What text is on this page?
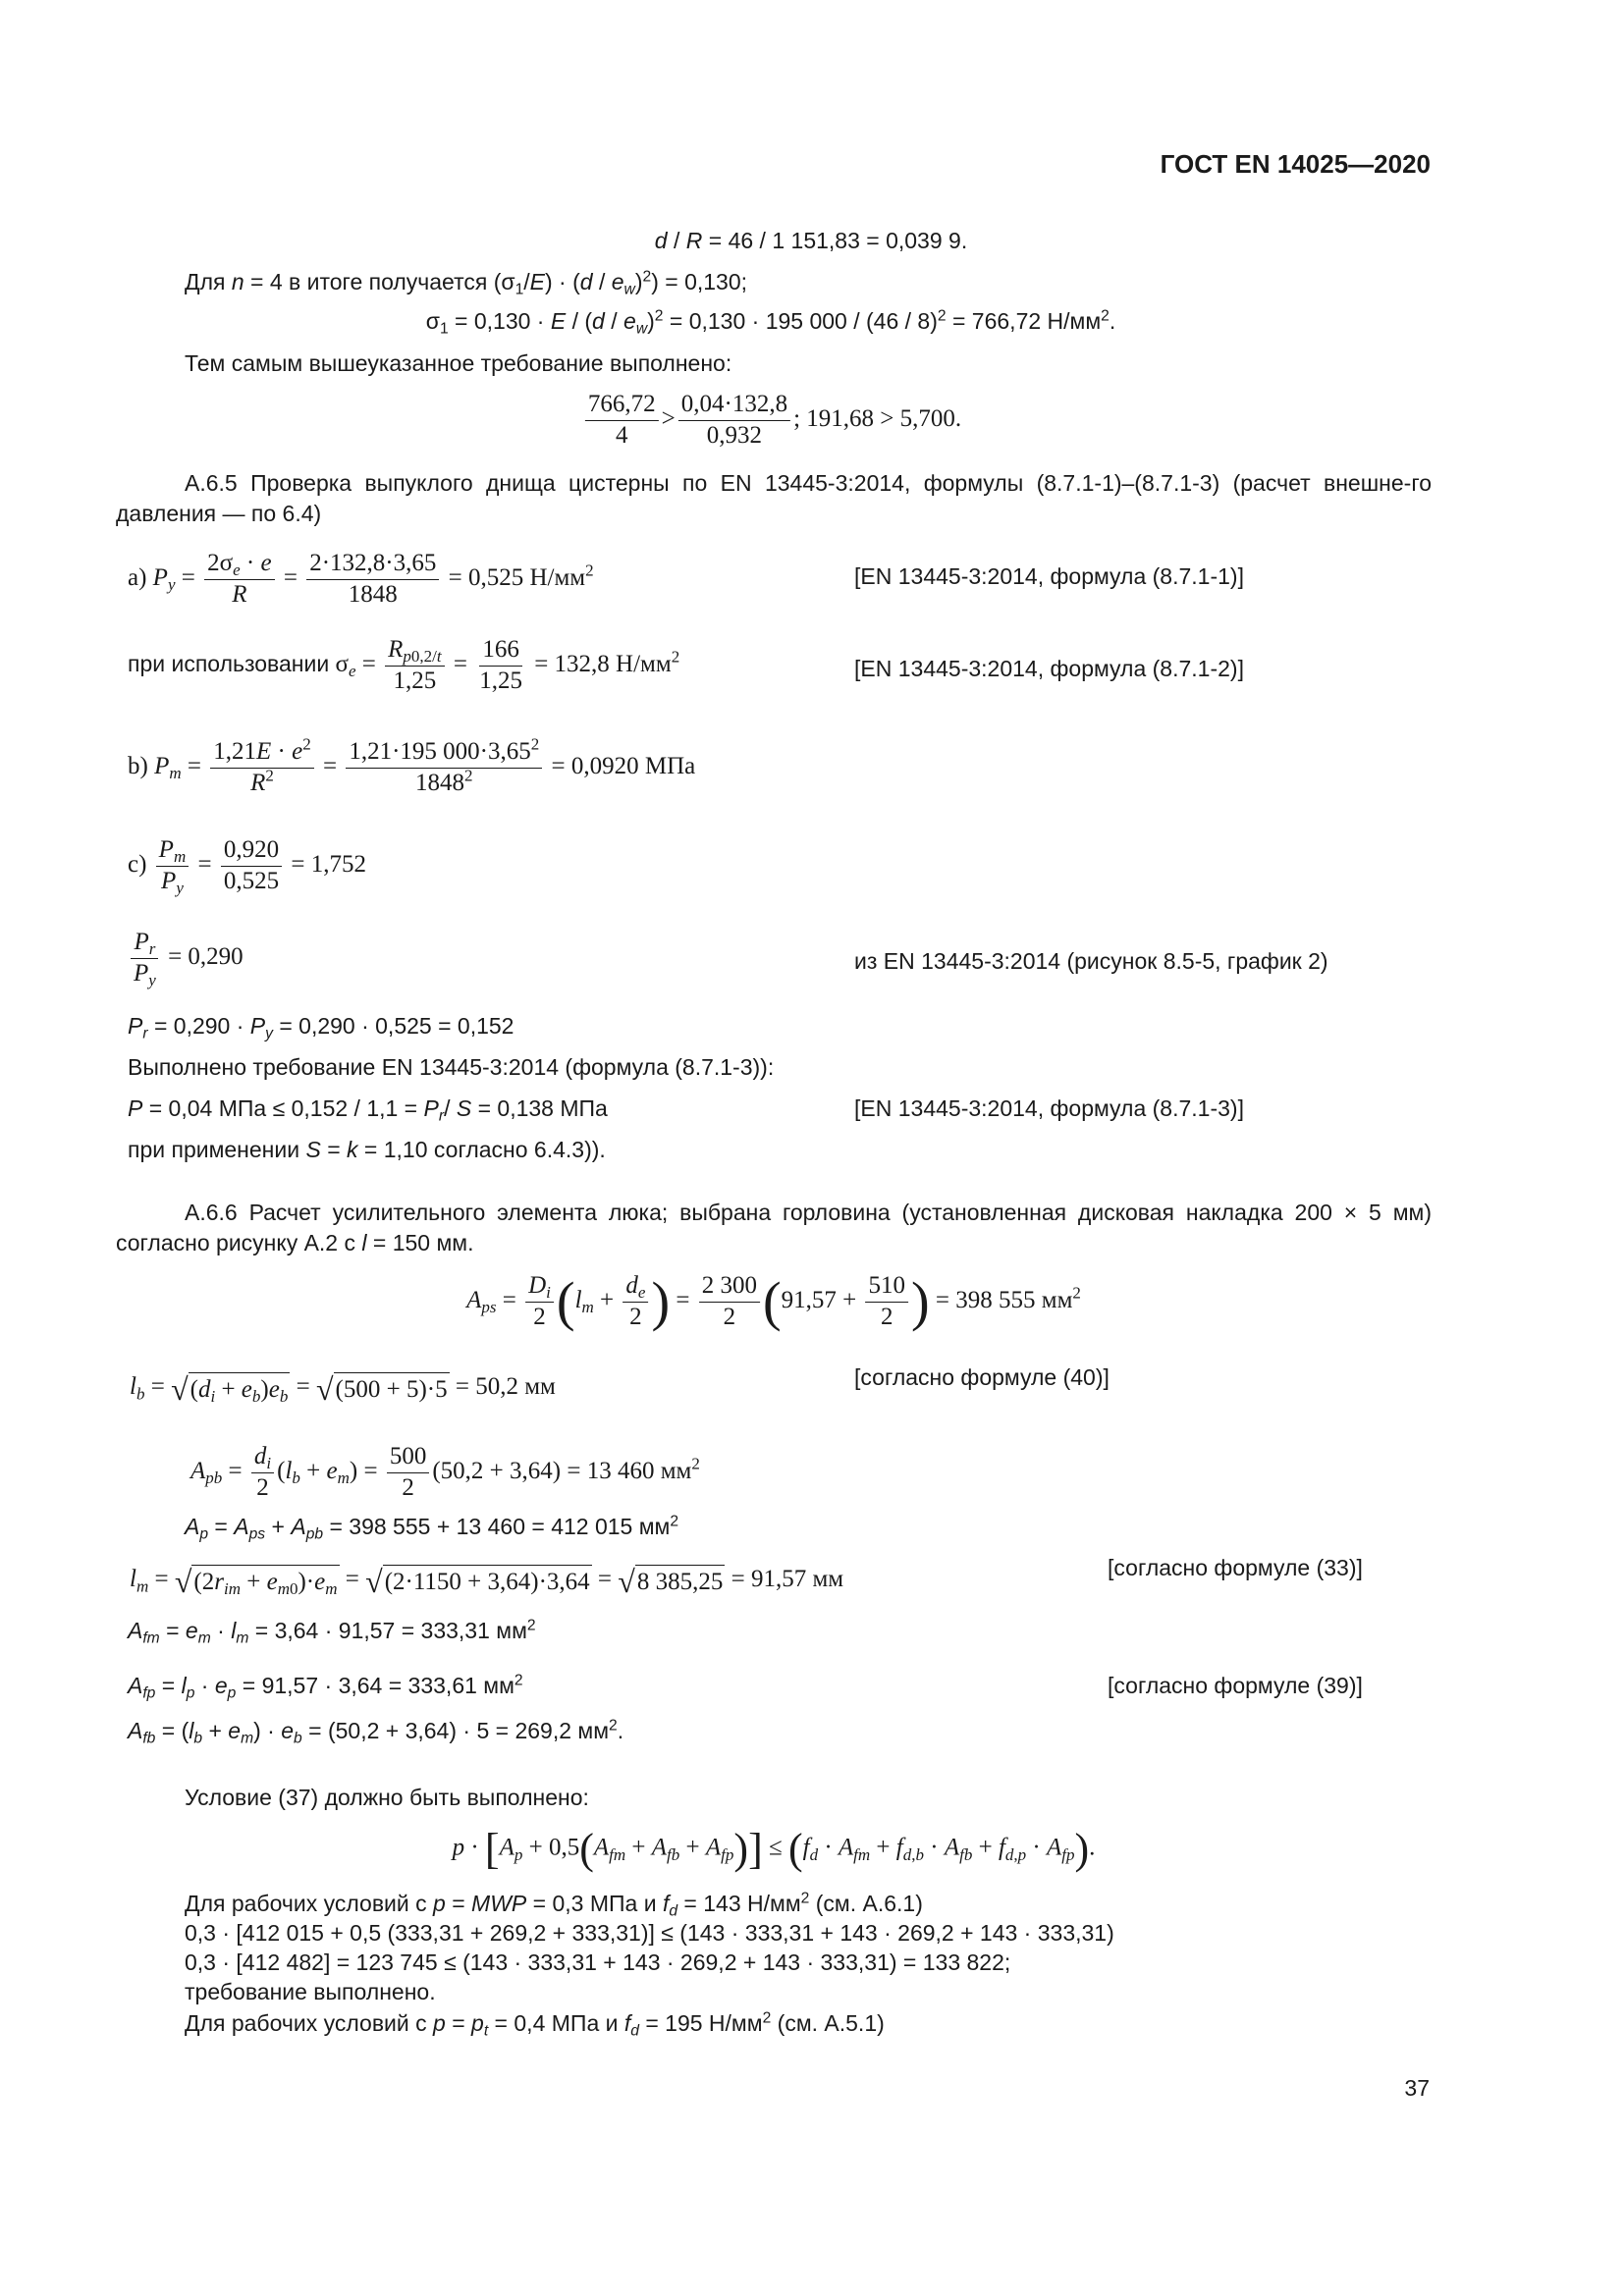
ГОСТ EN 14025—2020
d / R = 46 / 1 151,83 = 0,039 9.
Для n = 4 в итоге получается $(\sigma_1/E) \cdot (d / e_w)^2) = 0,130$;
$\sigma_1 = 0,130 \cdot E / (d / e_w)^2 = 0,130 \cdot 195$ 000 / (46 / 8)$^2$ = 766,72 $Н/мм^2$.
Тем самым вышеуказанное требование выполнено:
$\frac{766,72}{4} > \frac{0,04\cdot 132,8}{0,932}$ ; 191,68 > 5,700.
А.6.5 Проверка выпуклого днища цистерны по EN 13445-3:2014, формулы (8.7.1-1)–(8.7.1-3) (расчет внешне-го давления — по 6.4)
a) $P_y = \frac{2\sigma_e \cdot e}{R} = \frac{2\cdot 132,8\cdot 3,65}{1848} = 0,525$ $Н/мм^2$	[EN 13445-3:2014, формула (8.7.1-1)]
при использовании $\sigma_e = \frac{R_{p0,2/t}}{1,25} = \frac{166}{1,25} = 132,8$ $Н/мм^2$	[EN 13445-3:2014, формула (8.7.1-2)]
b) $P_m = \frac{1,21E \cdot e^2}{R^2} = \frac{1,21\cdot 195 000\cdot 3,65^2}{1848^2} = 0,0920$ МПа
$c) \frac{P_m}{P_y} = \frac{0,920}{0,525} = 1,752$
$\frac{P_r}{P_y} = 0,290$	из EN 13445-3:2014 (рисунок 8.5-5, график 2)
$P_r = 0,290 \cdot P_y = 0,290 \cdot 0,525 = 0,152$
Выполнено требование EN 13445-3:2014 (формула (8.7.1-3)):
P = 0,04 МПа ≤ $0,152 / 1,1 = P_r/$ S = 0,138 МПа	[EN 13445-3:2014, формула (8.7.1-3)]
при применении S = k = 1,10 согласно 6.4.3)).
А.6.6 Расчет усилительного элемента люка; выбрана горловина (установленная дисковая накладка 200 × 5 мм) согласно рисунку А.2 с l = 150 мм.
$A_{ps} = \frac{D_i}{2} (l_m + \frac{d_e}{2}$ ) = $\frac{2 300}{2} (91,57 + \frac{510}{2}$ ) = 398 555 $мм^2$
$l_b$ = √ $(d_i + e_b)e_b$ = √ (500 + 5)·5 = 50,2 мм	[согласно формуле (40)]
$A_{pb} = \frac{d_i}{2} (l_b + e_m) = \frac{500}{2} (50,2 + 3,64) = 13$ 460 $мм^2$
$A_p = A_{ps} + A_{pb} = 398$ 555 + 13 460 = 412 015 $мм^2$
$l_m$ = √ $(2r_{im} + e_{m0})\cdot e_m$ = √ (2·1150 + 3,64)·3,64 = √ 8 385,25 = 91,57 мм	[согласно формуле (33)]
$A_{fm} = e_m \cdot l_m = 3,64 \cdot 91,57 = 333,31$ $мм^2$
$A_{fp} = l_p \cdot e_p = 91,57 \cdot 3,64 = 333,61$ $мм^2$	[согласно формуле (39)]
$A_{fb} = (l_b + e_m) \cdot e_b = (50,2 + 3,64) \cdot 5 = 269,2$ $мм^2$.
Условие (37) должно быть выполнено:
$p \cdot [A_p + 0,5(A_{fm} + A_{fb} + A_{fp})] \le (f_d \cdot A_{fm} + f_{d,b} \cdot A_{fb} + f_{d,p} \cdot A_{fp})$.
Для рабочих условий с p = MWP = 0,3 МПа и $f_d = 143$ $Н/мм^2$ (см. А.6.1)
0,3 · [412 015 + 0,5 (333,31 + 269,2 + 333,31)] ≤ (143 · 333,31 + 143 · 269,2 + 143 · 333,31)
0,3 · [412 482] = 123 745 ≤ (143 · 333,31 + 143 · 269,2 + 143 · 333,31) = 133 822;
требование выполнено.
Для рабочих условий с $p = p_t = 0,4$ МПа и $f_d = 195$ $Н/мм^2$ (см. А.5.1)
37
